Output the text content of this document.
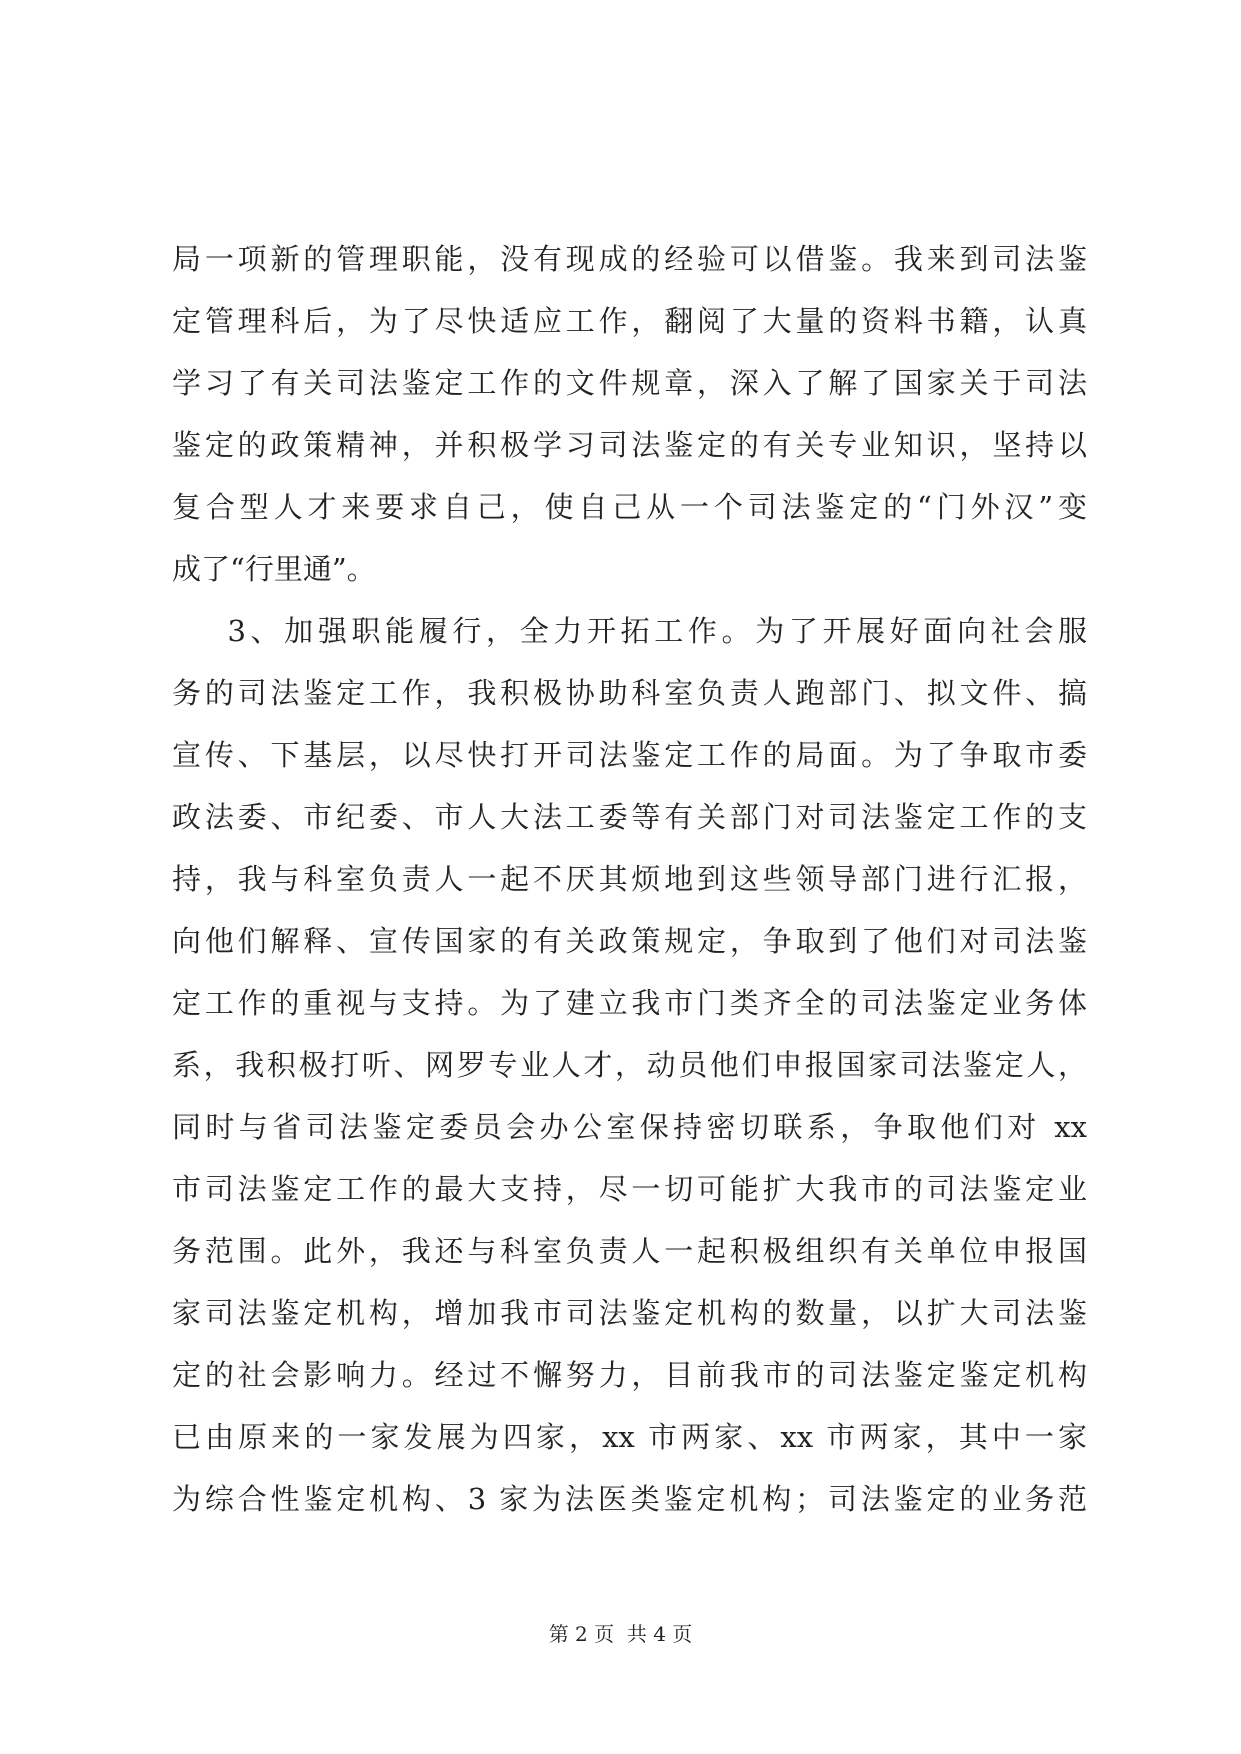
局一项新的管理职能，没有现成的经验可以借鉴。我来到司法鉴
定管理科后，为了尽快适应工作，翻阅了大量的资料书籍，认真
学习了有关司法鉴定工作的文件规章，深入了解了国家关于司法
鉴定的政策精神，并积极学习司法鉴定的有关专业知识，坚持以
复合型人才来要求自己，使自己从一个司法鉴定的“门外汉”变
成了“行里通”。
3、加强职能履行，全力开拓工作。为了开展好面向社会服
务的司法鉴定工作，我积极协助科室负责人跑部门、拟文件、搞
宣传、下基层，以尽快打开司法鉴定工作的局面。为了争取市委
政法委、市纪委、市人大法工委等有关部门对司法鉴定工作的支
持，我与科室负责人一起不厌其烦地到这些领导部门进行汇报，
向他们解释、宣传国家的有关政策规定，争取到了他们对司法鉴
定工作的重视与支持。为了建立我市门类齐全的司法鉴定业务体
系，我积极打听、网罗专业人才，动员他们申报国家司法鉴定人，
同时与省司法鉴定委员会办公室保持密切联系，争取他们对 xx
市司法鉴定工作的最大支持，尽一切可能扩大我市的司法鉴定业
务范围。此外，我还与科室负责人一起积极组织有关单位申报国
家司法鉴定机构，增加我市司法鉴定机构的数量，以扩大司法鉴
定的社会影响力。经过不懈努力，目前我市的司法鉴定鉴定机构
已由原来的一家发展为四家，xx 市两家、xx 市两家，其中一家
为综合性鉴定机构、3 家为法医类鉴定机构；司法鉴定的业务范
第 2 页  共 4 页
